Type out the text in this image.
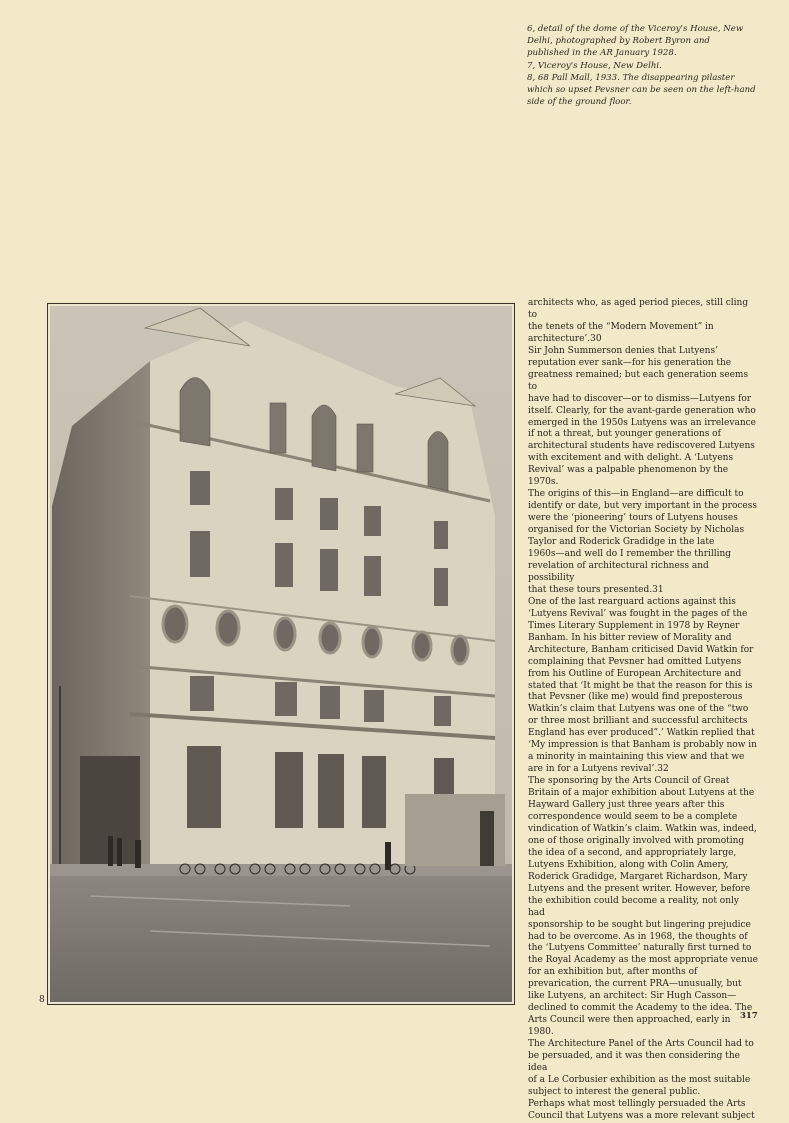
6, detail of the dome of the Viceroy's House, New
Delhi, photographed by Robert Byron and
published in the AR January 1928.

7, Viceroy's House, New Delhi.

8, 68 Pall Mall, 1933. The disappearing pilaster
which so upset Pevsner can be seen on the left-hand
side of the ground floor.

8

architects who, as aged period pieces, still cling to
the tenets of the “Modern Movement” in
architecture’.30

Sir John Summerson denies that Lutyens’
reputation ever sank—for his generation the
greatness remained; but each generation seems to
have had to discover—or to dismiss—Lutyens for
itself. Clearly, for the avant-garde generation who
emerged in the 1950s Lutyens was an irrelevance
if not a threat, but younger generations of
architectural students have rediscovered Lutyens
with excitement and with delight. A ‘Lutyens
Revival’ was a palpable phenomenon by the 1970s.
The origins of this—in England—are difficult to
identify or date, but very important in the process
were the ‘pioneering’ tours of Lutyens houses
organised for the Victorian Society by Nicholas
Taylor and Roderick Gradidge in the late
1960s—and well do I remember the thrilling
revelation of architectural richness and possibility
that these tours presented.31

One of the last rearguard actions against this
‘Lutyens Revival’ was fought in the pages of the
Times Literary Supplement in 1978 by Reyner
Banham. In his bitter review of Morality and
Architecture, Banham criticised David Watkin for
complaining that Pevsner had omitted Lutyens
from his Outline of European Architecture and
stated that ‘It might be that the reason for this is
that Pevsner (like me) would find preposterous
Watkin’s claim that Lutyens was one of the “two
or three most brilliant and successful architects
England has ever produced”.’ Watkin replied that
‘My impression is that Banham is probably now in
a minority in maintaining this view and that we
are in for a Lutyens revival’.32

The sponsoring by the Arts Council of Great
Britain of a major exhibition about Lutyens at the
Hayward Gallery just three years after this
correspondence would seem to be a complete
vindication of Watkin’s claim. Watkin was, indeed,
one of those originally involved with promoting
the idea of a second, and appropriately large,
Lutyens Exhibition, along with Colin Amery,
Roderick Gradidge, Margaret Richardson, Mary
Lutyens and the present writer. However, before
the exhibition could become a reality, not only had
sponsorship to be sought but lingering prejudice
had to be overcome. As in 1968, the thoughts of
the ‘Lutyens Committee’ naturally first turned to
the Royal Academy as the most appropriate venue
for an exhibition but, after months of
prevarication, the current PRA—unusually, but
like Lutyens, an architect: Sir Hugh Casson—
declined to commit the Academy to the idea. The
Arts Council were then approached, early in 1980.
The Architecture Panel of the Arts Council had to
be persuaded, and it was then considering the idea
of a Le Corbusier exhibition as the most suitable
subject to interest the general public.

Perhaps what most tellingly persuaded the Arts
Council that Lutyens was a more relevant subject

317
